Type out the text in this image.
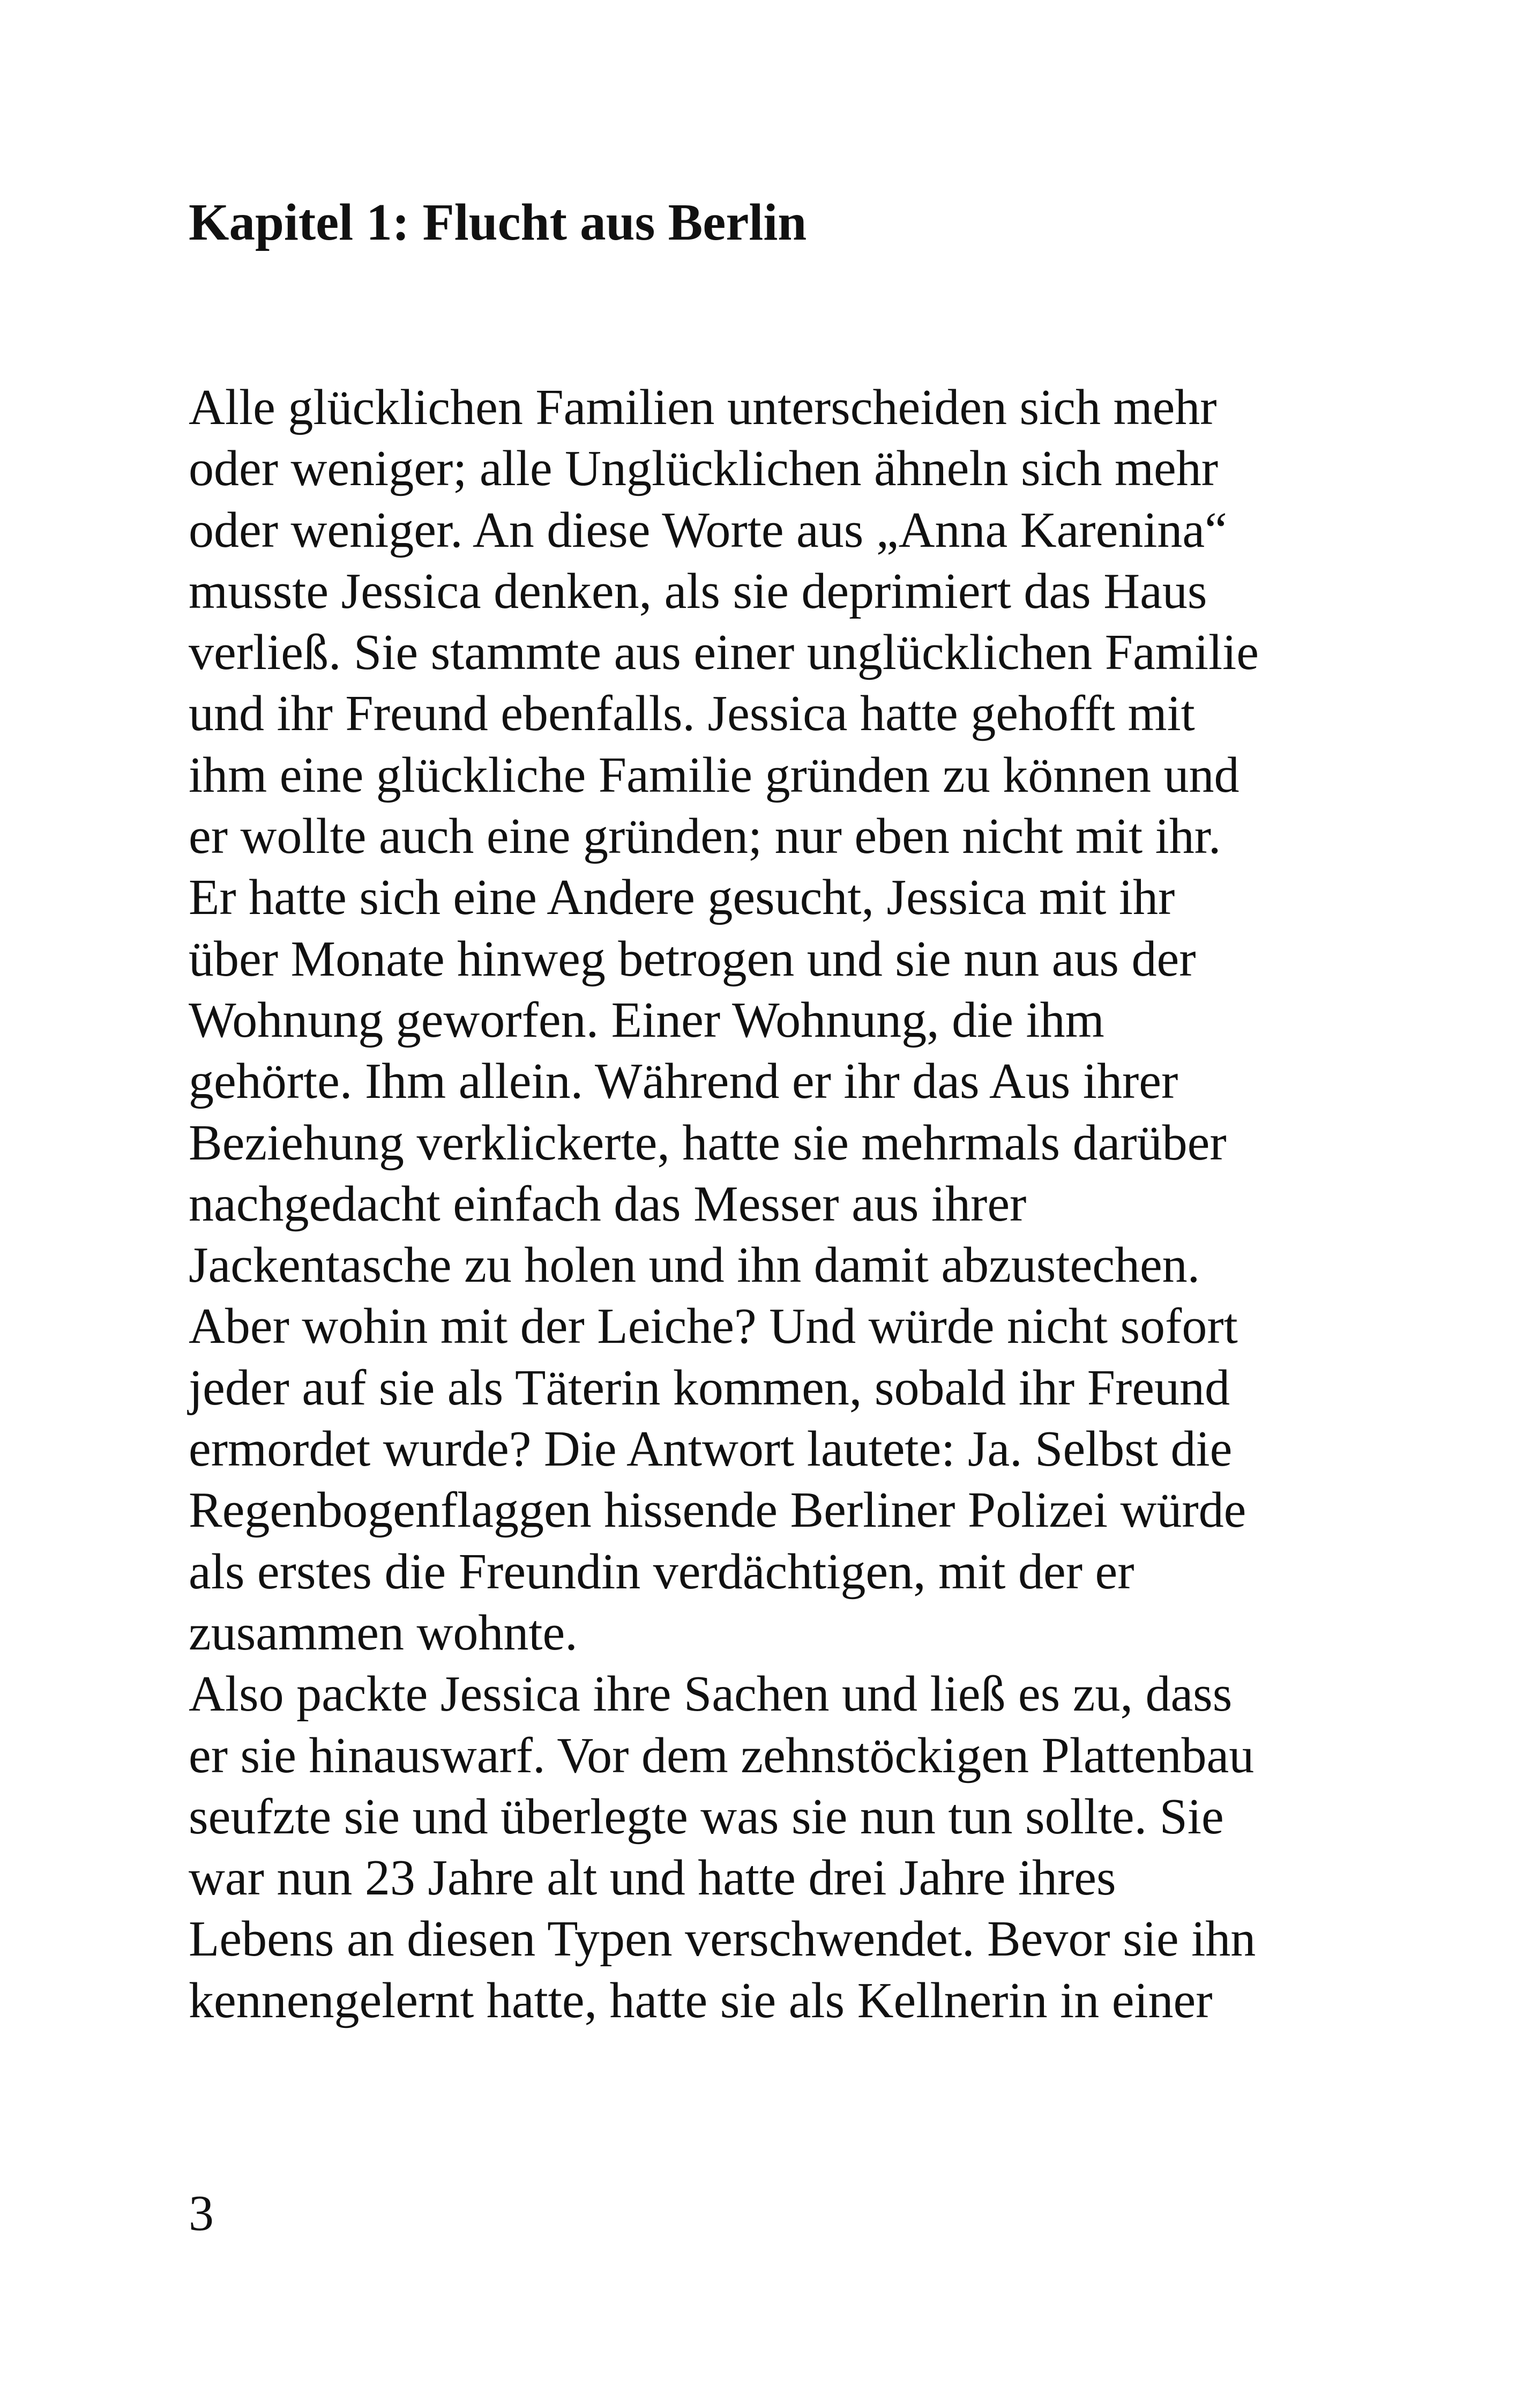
Kapitel 1: Flucht aus Berlin
Alle glücklichen Familien unterscheiden sich mehr
oder weniger; alle Unglücklichen ähneln sich mehr
oder weniger. An diese Worte aus „Anna Karenina“
musste Jessica denken, als sie deprimiert das Haus
verließ. Sie stammte aus einer unglücklichen Familie
und ihr Freund ebenfalls. Jessica hatte gehofft mit
ihm eine glückliche Familie gründen zu können und
er wollte auch eine gründen; nur eben nicht mit ihr.
Er hatte sich eine Andere gesucht, Jessica mit ihr
über Monate hinweg betrogen und sie nun aus der
Wohnung geworfen. Einer Wohnung, die ihm
gehörte. Ihm allein. Während er ihr das Aus ihrer
Beziehung verklickerte, hatte sie mehrmals darüber
nachgedacht einfach das Messer aus ihrer
Jackentasche zu holen und ihn damit abzustechen.
Aber wohin mit der Leiche? Und würde nicht sofort
jeder auf sie als Täterin kommen, sobald ihr Freund
ermordet wurde? Die Antwort lautete: Ja. Selbst die
Regenbogenflaggen hissende Berliner Polizei würde
als erstes die Freundin verdächtigen, mit der er
zusammen wohnte.
Also packte Jessica ihre Sachen und ließ es zu, dass
er sie hinauswarf. Vor dem zehnstöckigen Plattenbau
seufzte sie und überlegte was sie nun tun sollte. Sie
war nun 23 Jahre alt und hatte drei Jahre ihres
Lebens an diesen Typen verschwendet. Bevor sie ihn
kennengelernt hatte, hatte sie als Kellnerin in einer

3
